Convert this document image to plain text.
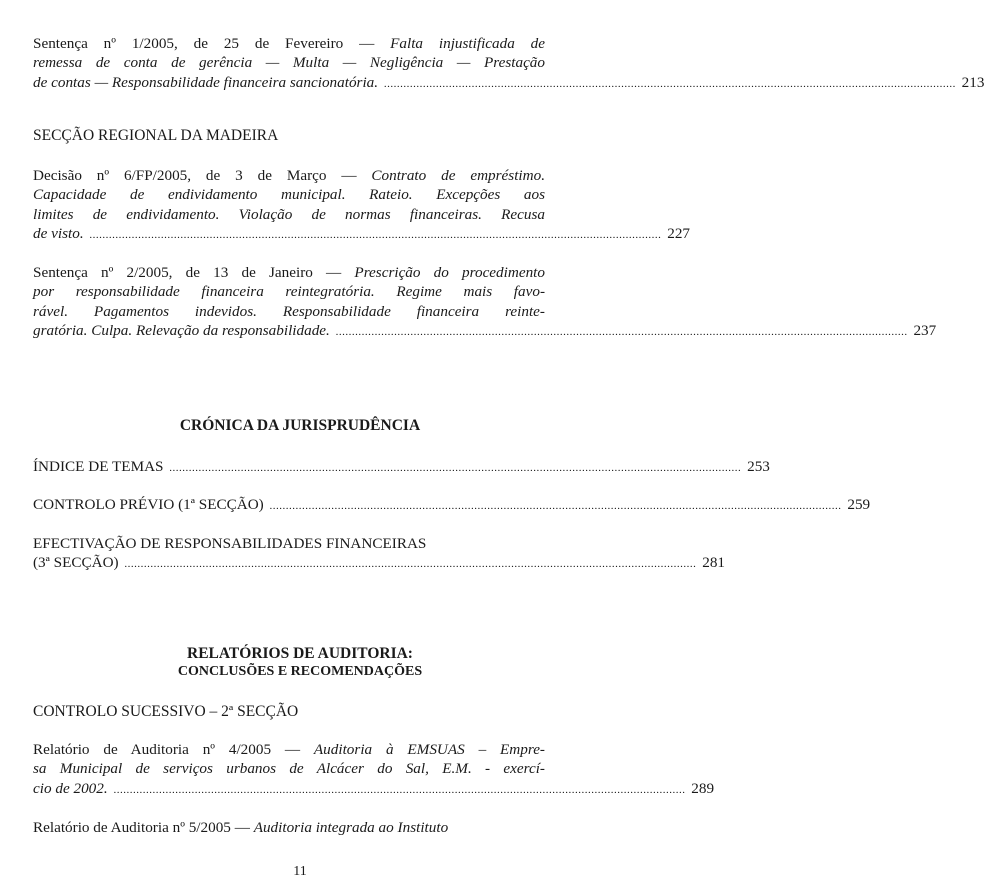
Sentença nº 1/2005, de 25 de Fevereiro — Falta injustificada de
remessa de conta de gerência — Multa — Negligência — Prestação
de contas — Responsabilidade financeira sancionatória. ................................................................................................................................................................................ 213
SECÇÃO REGIONAL DA MADEIRA
Decisão nº 6/FP/2005, de 3 de Março — Contrato de empréstimo.
Capacidade de endividamento municipal. Rateio. Excepções aos
limites de endividamento. Violação de normas financeiras. Recusa
de visto. ................................................................................................................................................................................ 227
Sentença nº 2/2005, de 13 de Janeiro — Prescrição do procedimento
por responsabilidade financeira reintegratória. Regime mais favo-
rável. Pagamentos indevidos. Responsabilidade financeira reinte-
gratória. Culpa. Relevação da responsabilidade. ................................................................................................................................................................................ 237
CRÓNICA DA JURISPRUDÊNCIA
ÍNDICE DE TEMAS ................................................................................................................................................................................ 253
CONTROLO PRÉVIO (1ª SECÇÃO) ................................................................................................................................................................................ 259
EFECTIVAÇÃO DE RESPONSABILIDADES FINANCEIRAS
(3ª SECÇÃO) ................................................................................................................................................................................ 281
RELATÓRIOS DE AUDITORIA:
CONCLUSÕES E RECOMENDAÇÕES
CONTROLO SUCESSIVO – 2ª SECÇÃO
Relatório de Auditoria nº 4/2005 — Auditoria à EMSUAS – Empre-
sa Municipal de serviços urbanos de Alcácer do Sal, E.M. - exercí-
cio de 2002. ................................................................................................................................................................................ 289
Relatório de Auditoria nº 5/2005 — Auditoria integrada ao Instituto
11
